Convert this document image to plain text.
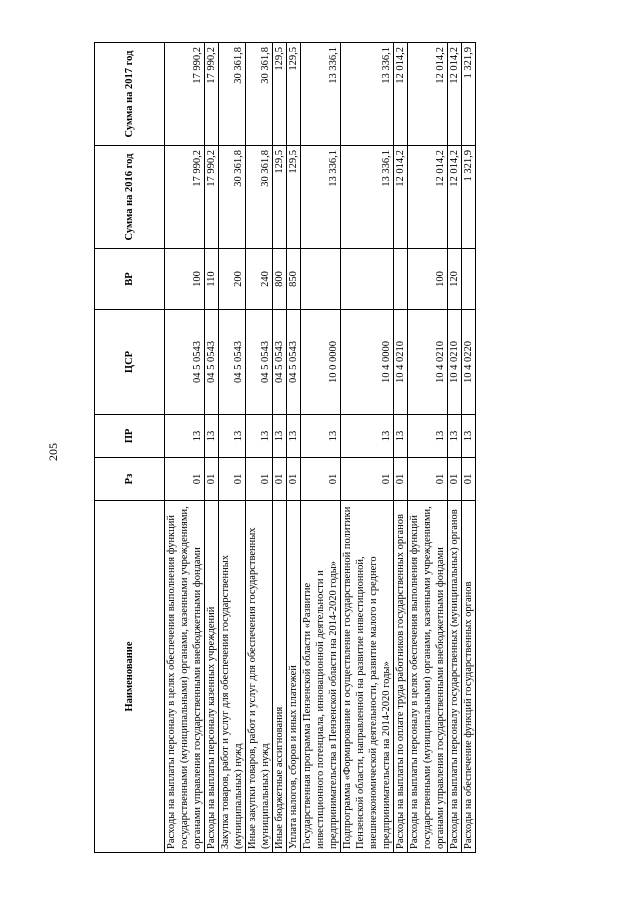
205
Наименование	Рз	ПР	ЦСР	ВР	Сумма на 2016 год	Сумма на 2017 год
Расходы на выплаты персоналу в целях обеспечения выполнения функций государственными (муниципальными) органами, казенными учреждениями, органами управления государственными внебюджетными фондами	01	13	04 5 0543	100	17 990,2	17 990,2
Расходы на выплаты персоналу казенных учреждений	01	13	04 5 0543	110	17 990,2	17 990,2
Закупка товаров, работ и услуг для обеспечения государственных (муниципальных) нужд	01	13	04 5 0543	200	30 361,8	30 361,8
Иные закупки товаров, работ и услуг для обеспечения государственных (муниципальных) нужд	01	13	04 5 0543	240	30 361,8	30 361,8
Иные бюджетные ассигнования	01	13	04 5 0543	800	129,5	129,5
Уплата налогов, сборов и иных платежей	01	13	04 5 0543	850	129,5	129,5
Государственная программа Пензенской области «Развитие инвестиционного потенциала, инновационной деятельности и предпринимательства в Пензенской области на 2014-2020 годы»	01	13	10 0 0000		13 336,1	13 336,1
Подпрограмма «Формирование и осуществление государственной политики Пензенской области, направленной на развитие инвестиционной, внешнеэкономической деятельности, развитие малого и среднего предпринимательства на 2014-2020 годы»	01	13	10 4 0000		13 336,1	13 336,1
Расходы на выплаты по оплате труда работников государственных органов	01	13	10 4 0210		12 014,2	12 014,2
Расходы на выплаты персоналу в целях обеспечения выполнения функций государственными (муниципальными) органами, казенными учреждениями, органами управления государственными внебюджетными фондами	01	13	10 4 0210	100	12 014,2	12 014,2
Расходы на выплаты персоналу государственных (муниципальных) органов	01	13	10 4 0210	120	12 014,2	12 014,2
Расходы на обеспечение функций государственных органов	01	13	10 4 0220		1 321,9	1 321,9
